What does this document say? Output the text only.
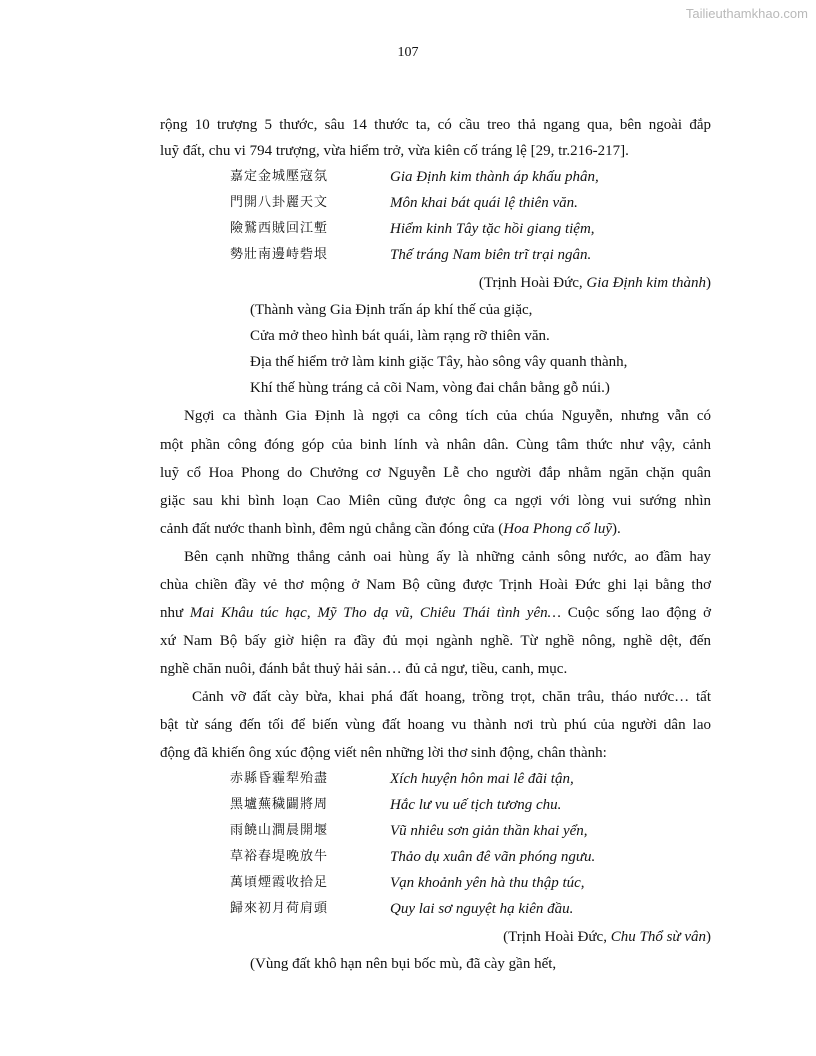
Tailieuthamkhao.com
107
rộng 10 trượng 5 thước, sâu 14 thước ta, có cầu treo thả ngang qua, bên ngoài đắp
luỹ đất, chu vi 794 trượng, vừa hiểm trở, vừa kiên cố tráng lệ [29, tr.216-217].
嘉定金城壓寇氛	Gia Định kim thành áp khấu phân,
門開八卦麗天文	Môn khai bát quái lệ thiên văn.
險鷲西賊回江塹	Hiểm kinh Tây tặc hồi giang tiệm,
勢壯南邊峙砦垠	Thế tráng Nam biên trĩ trại ngân.
(Trịnh Hoài Đức, Gia Định kim thành)
(Thành vàng Gia Định trấn áp khí thế của giặc,
Cửa mở theo hình bát quái, làm rạng rỡ thiên văn.
Địa thế hiểm trở làm kinh giặc Tây, hào sông vây quanh thành,
Khí thế hùng tráng cả cõi Nam, vòng đai chắn bằng gỗ núi.)
Ngợi ca thành Gia Định là ngợi ca công tích của chúa Nguyễn, nhưng vẫn có
một phần công đóng góp của binh lính và nhân dân. Cùng tâm thức như vậy, cảnh
luỹ cổ Hoa Phong do Chưởng cơ Nguyễn Lễ cho người đắp nhằm ngăn chặn quân
giặc sau khi bình loạn Cao Miên cũng được ông ca ngợi với lòng vui sướng nhìn
cảnh đất nước thanh bình, đêm ngủ chẳng cần đóng cửa (Hoa Phong cổ luỹ).
Bên cạnh những thắng cảnh oai hùng ấy là những cảnh sông nước, ao đầm hay
chùa chiền đầy vẻ thơ mộng ở Nam Bộ cũng được Trịnh Hoài Đức ghi lại bằng thơ
như Mai Khâu túc hạc, Mỹ Tho dạ vũ, Chiêu Thái tình yên… Cuộc sống lao động ở
xứ Nam Bộ bấy giờ hiện ra đầy đủ mọi ngành nghề. Từ nghề nông, nghề dệt, đến
nghề chăn nuôi, đánh bắt thuỷ hải sản… đủ cả ngư, tiều, canh, mục.
Cảnh vỡ đất cày bừa, khai phá đất hoang, trồng trọt, chăn trâu, tháo nước… tất
bật từ sáng đến tối để biến vùng đất hoang vu thành nơi trù phú của người dân lao
động đã khiến ông xúc động viết nên những lời thơ sinh động, chân thành:
赤縣昏霾犁殆盡	Xích huyện hôn mai lê đãi tận,
黑壚蕪穢闢將周	Hắc lư vu uế tịch tương chu.
雨饒山澗晨開堰	Vũ nhiêu sơn giản thần khai yển,
草裕春堤晚放牛	Thảo dụ xuân đê vãn phóng ngưu.
萬頃煙霞收拾足	Vạn khoảnh yên hà thu thập túc,
歸來初月荷肩頭	Quy lai sơ nguyệt hạ kiên đầu.
(Trịnh Hoài Đức, Chu Thổ sừ vân)
(Vùng đất khô hạn nên bụi bốc mù, đã cày gần hết,
